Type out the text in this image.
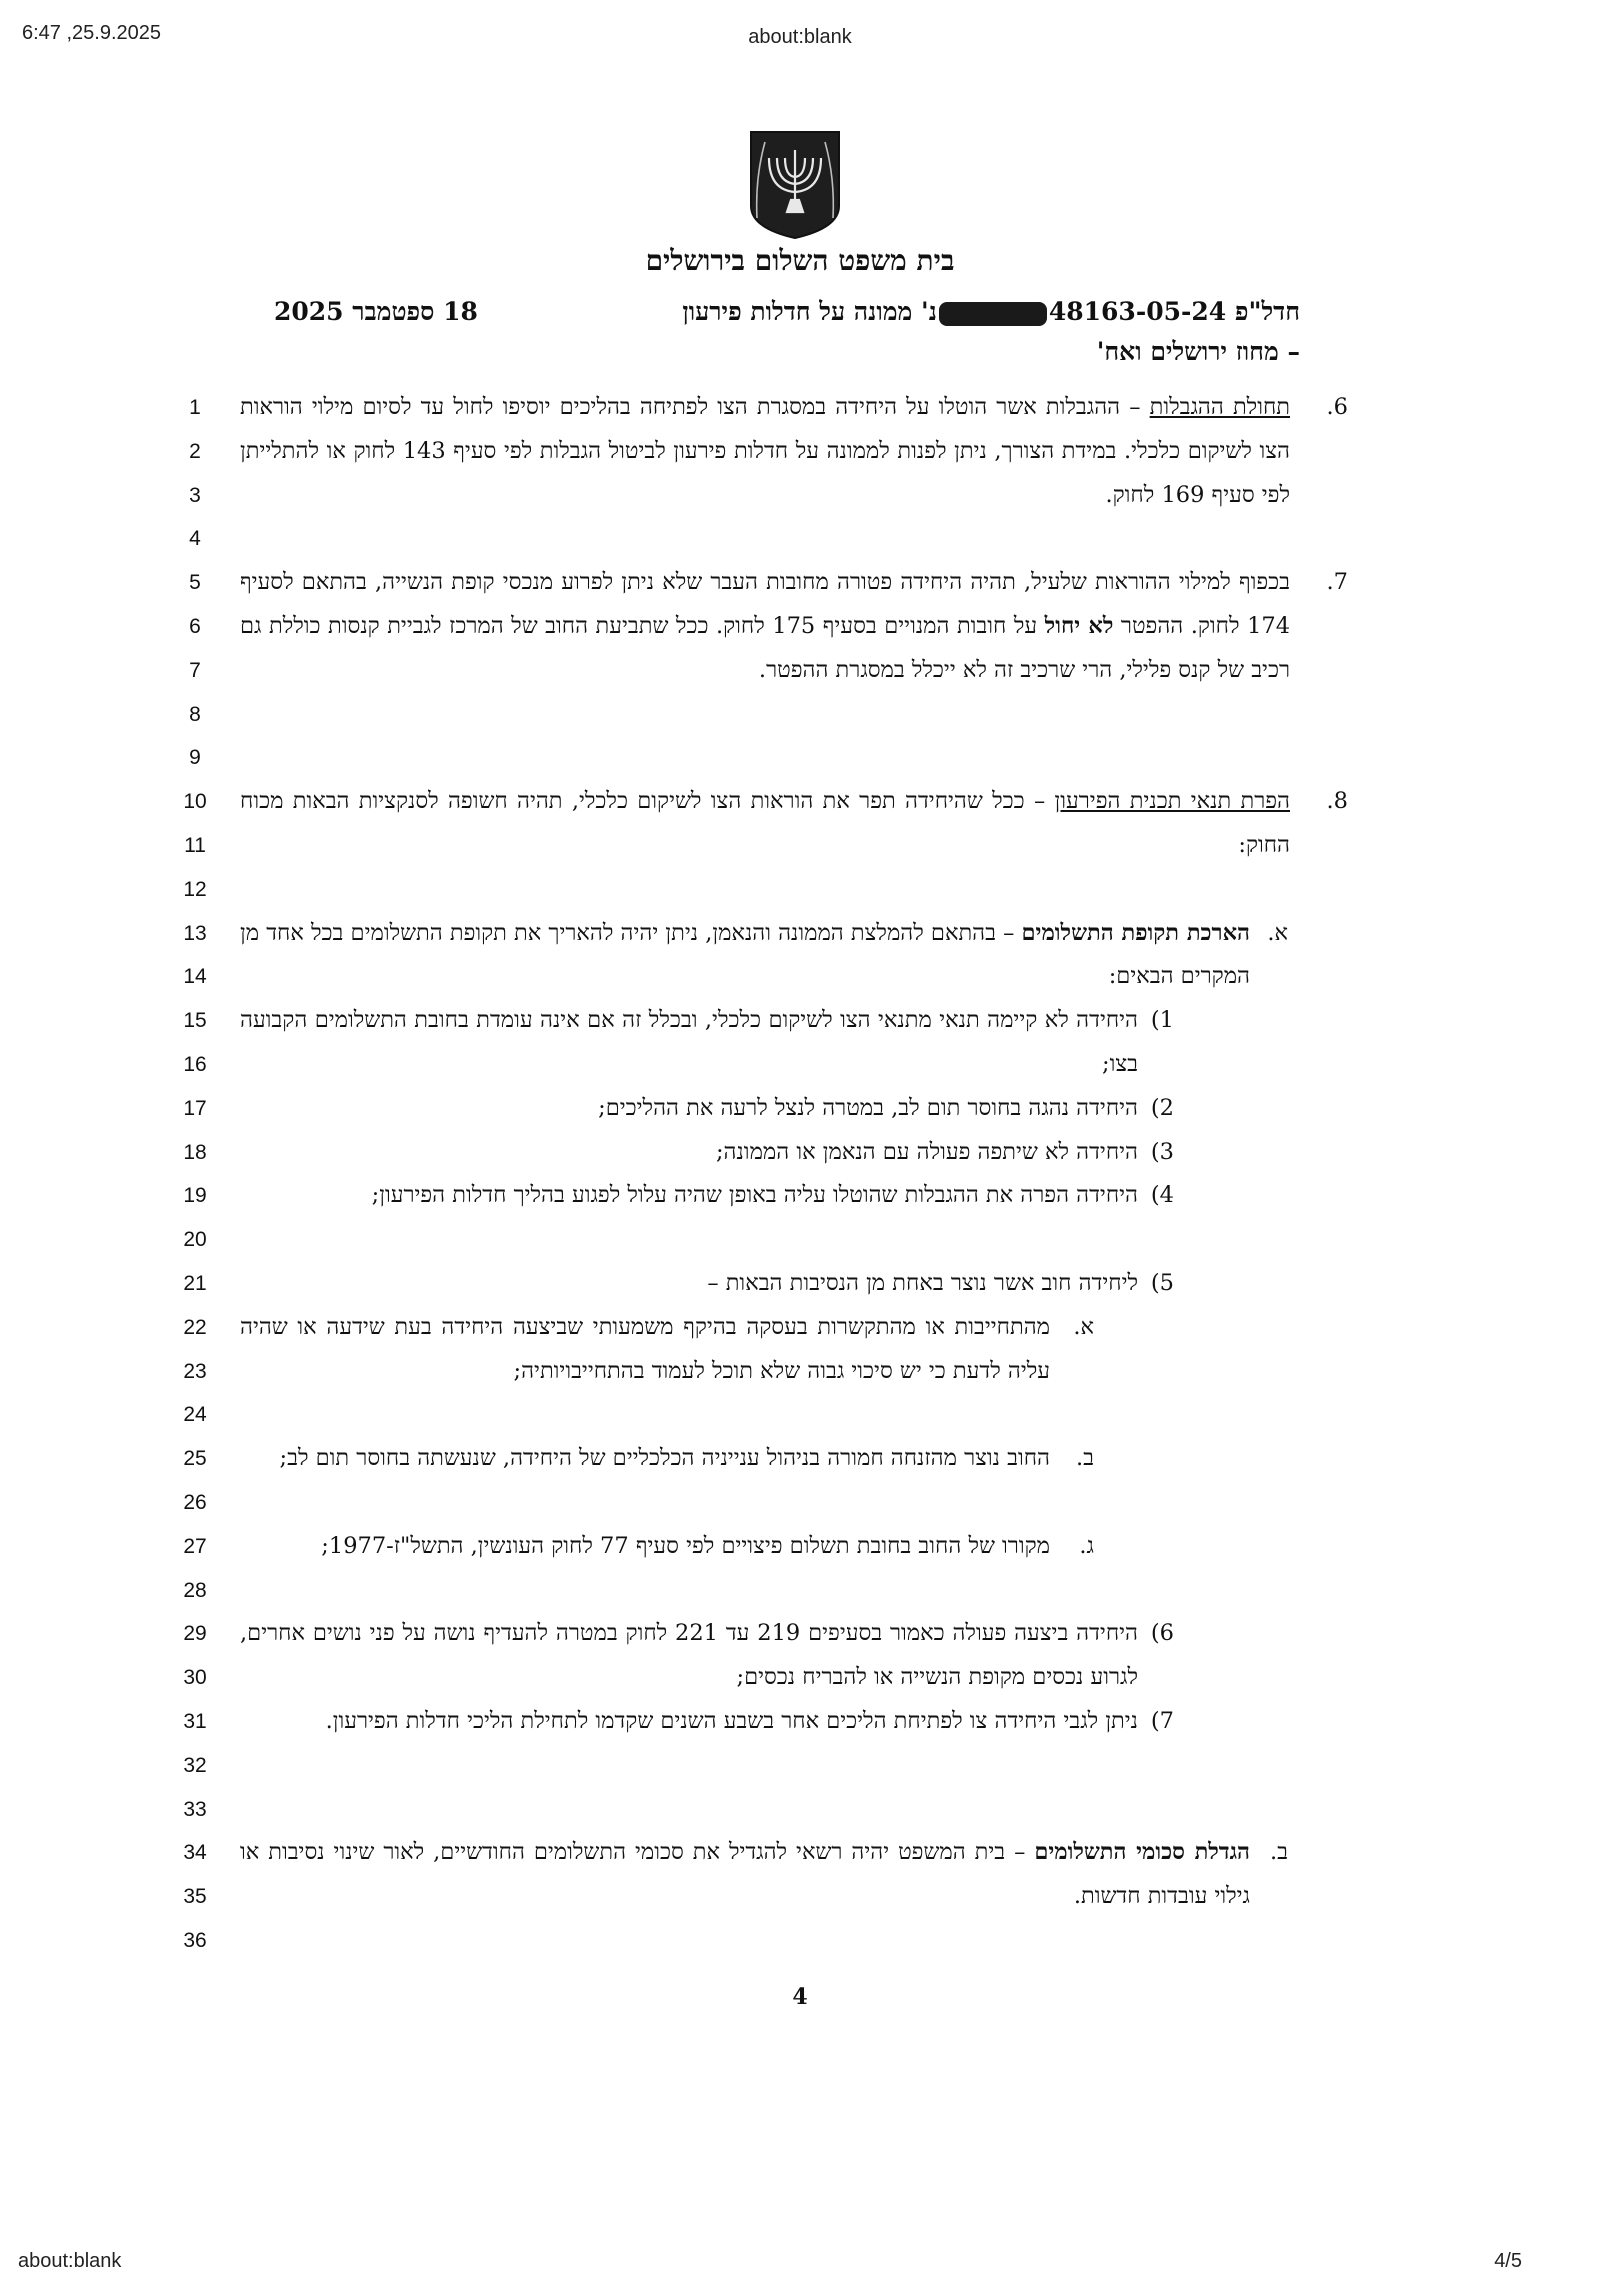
6:47 ,25.9.2025	about:blank
בית משפט השלום בירושלים
חדל"פ 48163-05-24נ' ממונה על חדלות פירעון
– מחוז ירושלים ואח'
18 ספטמבר 2025
1
2
3
4
5
6
7
8
9
10
11
12
13
14
15
16
17
18
19
20
21
22
23
24
25
26
27
28
29
30
31
32
33
34
35
36
6.
תחולת ההגבלות – ההגבלות אשר הוטלו על היחידה במסגרת הצו לפתיחה בהליכים יוסיפו לחול עד לסיום מילוי הוראות הצו לשיקום כלכלי. במידת הצורך, ניתן לפנות לממונה על חדלות פירעון לביטול הגבלות לפי סעיף 143 לחוק או להתלייתן לפי סעיף 169 לחוק.
7.
בכפוף למילוי ההוראות שלעיל, תהיה היחידה פטורה מחובות העבר שלא ניתן לפרוע מנכסי קופת הנשייה, בהתאם לסעיף 174 לחוק. ההפטר לא יחול על חובות המנויים בסעיף 175 לחוק. ככל שתביעת החוב של המרכז לגביית קנסות כוללת גם רכיב של קנס פלילי, הרי שרכיב זה לא ייכלל במסגרת ההפטר.
8.
הפרת תנאי תכנית הפירעון – ככל שהיחידה תפר את הוראות הצו לשיקום כלכלי, תהיה חשופה לסנקציות הבאות מכוח החוק:
א.
הארכת תקופת התשלומים – בהתאם להמלצת הממונה והנאמן, ניתן יהיה להאריך את תקופת התשלומים בכל אחד מן המקרים הבאים:
1)
היחידה לא קיימה תנאי מתנאי הצו לשיקום כלכלי, ובכלל זה אם אינה עומדת בחובת התשלומים הקבועה בצו;
2)
היחידה נהגה בחוסר תום לב, במטרה לנצל לרעה את ההליכים;
3)
היחידה לא שיתפה פעולה עם הנאמן או הממונה;
4)
היחידה הפרה את ההגבלות שהוטלו עליה באופן שהיה עלול לפגוע בהליך חדלות הפירעון;
5)
ליחידה חוב אשר נוצר באחת מן הנסיבות הבאות –
א.
מהתחייבות או מהתקשרות בעסקה בהיקף משמעותי שביצעה היחידה בעת שידעה או שהיה עליה לדעת כי יש סיכוי גבוה שלא תוכל לעמוד בהתחייבויותיה;
ב.
החוב נוצר מהזנחה חמורה בניהול ענייניה הכלכליים של היחידה, שנעשתה בחוסר תום לב;
ג.
מקורו של החוב בחובת תשלום פיצויים לפי סעיף 77 לחוק העונשין, התשל"ז-1977;
6)
היחידה ביצעה פעולה כאמור בסעיפים 219 עד 221 לחוק במטרה להעדיף נושה על פני נושים אחרים, לגרוע נכסים מקופת הנשייה או להבריח נכסים;
7)
ניתן לגבי היחידה צו לפתיחת הליכים אחר בשבע השנים שקדמו לתחילת הליכי חדלות הפירעון.
ב.
הגדלת סכומי התשלומים – בית המשפט יהיה רשאי להגדיל את סכומי התשלומים החודשיים, לאור שינוי נסיבות או גילוי עובדות חדשות.
4
about:blank	4/5
